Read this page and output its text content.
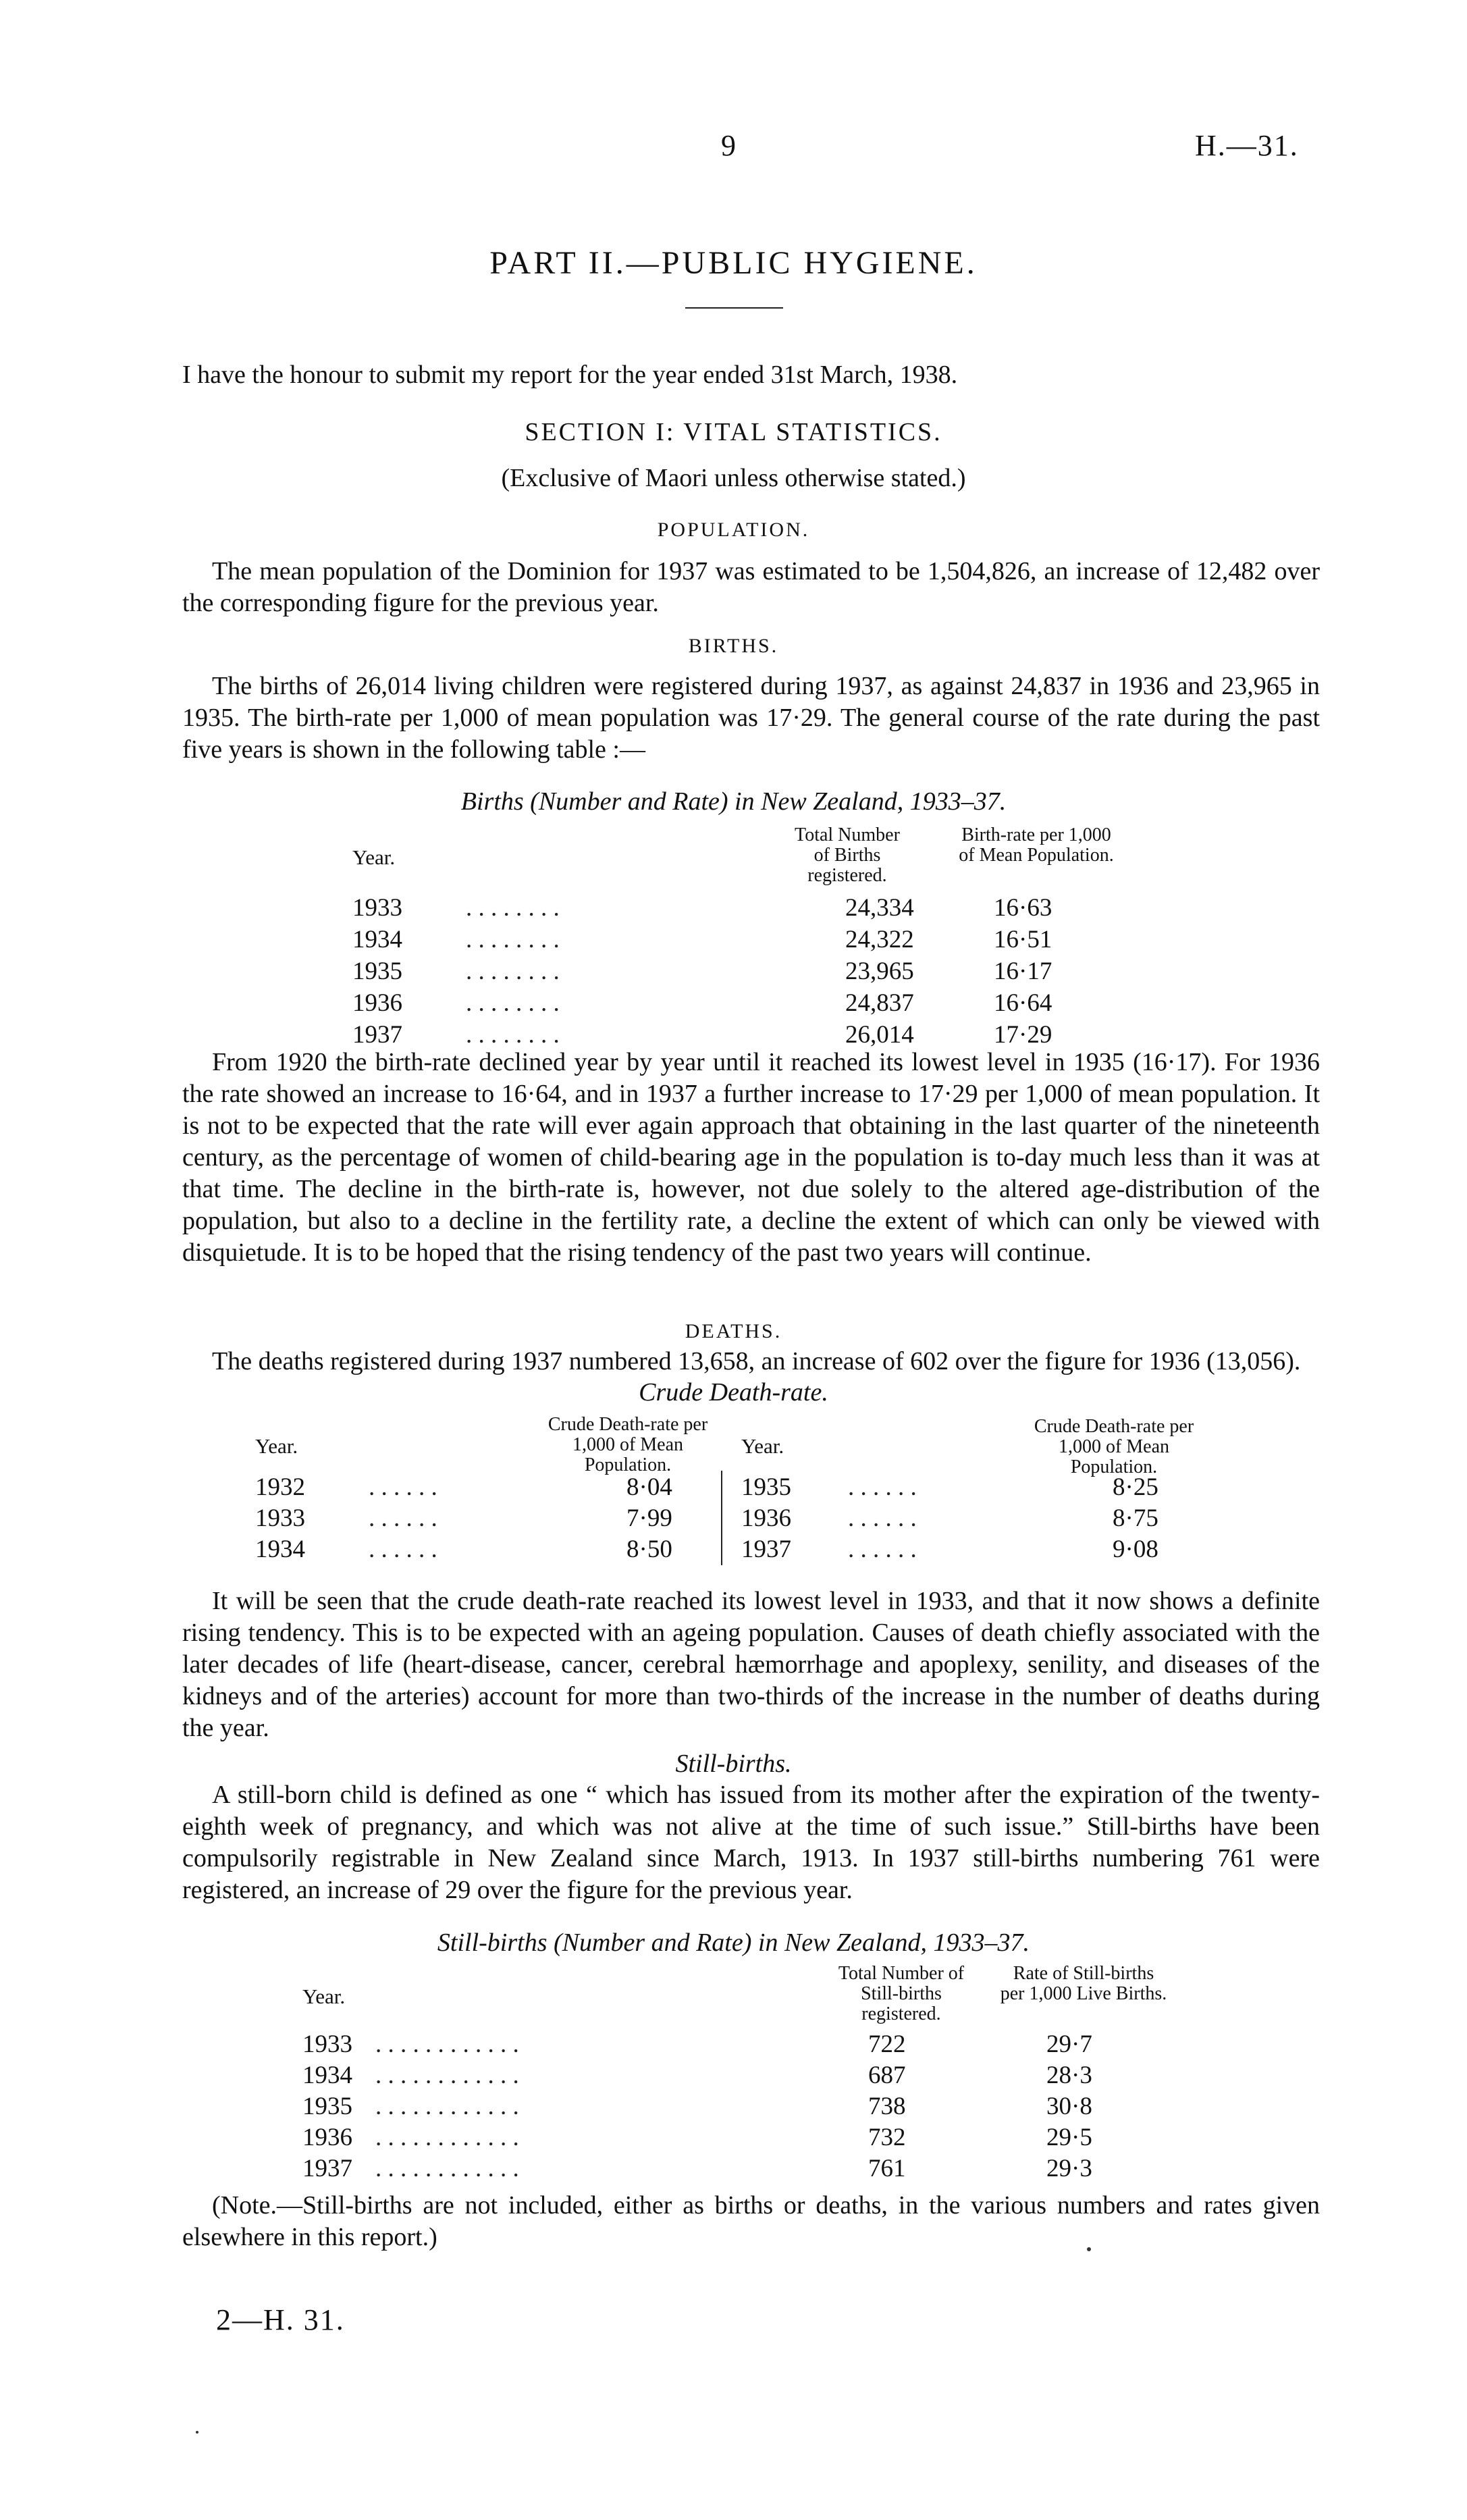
9	H.—31.
PART II.—PUBLIC HYGIENE.

I have the honour to submit my report for the year ended 31st March, 1938.

SECTION I: VITAL STATISTICS.
(Exclusive of Maori unless otherwise stated.)
POPULATION.

The mean population of the Dominion for 1937 was estimated to be 1,504,826, an increase of 12,482 over the corresponding figure for the previous year.

BIRTHS.

The births of 26,014 living children were registered during 1937, as against 24,837 in 1936 and 23,965 in 1935. The birth-rate per 1,000 of mean population was 17·29. The general course of the rate during the past five years is shown in the following table :—

Births (Number and Rate) in New Zealand, 1933–37.
Year.
Total Number of Births registered.
Birth-rate per 1,000 of Mean Population.
1933	. . . . . . . .	24,334	16·63
1934	. . . . . . . .	24,322	16·51
1935	. . . . . . . .	23,965	16·17
1936	. . . . . . . .	24,837	16·64
1937	. . . . . . . .	26,014	17·29

From 1920 the birth-rate declined year by year until it reached its lowest level in 1935 (16·17). For 1936 the rate showed an increase to 16·64, and in 1937 a further increase to 17·29 per 1,000 of mean population. It is not to be expected that the rate will ever again approach that obtaining in the last quarter of the nineteenth century, as the percentage of women of child-bearing age in the population is to-day much less than it was at that time. The decline in the birth-rate is, however, not due solely to the altered age-distribution of the population, but also to a decline in the fertility rate, a decline the extent of which can only be viewed with disquietude. It is to be hoped that the rising tendency of the past two years will continue.

DEATHS.

The deaths registered during 1937 numbered 13,658, an increase of 602 over the figure for 1936 (13,056).

Crude Death-rate.
Year.
Crude Death-rate per 1,000 of Mean Population.
Year.
Crude Death-rate per 1,000 of Mean Population.
1932	. . . . . .	8·04
1933	. . . . . .	7·99
1934	. . . . . .	8·50
1935 . . . . . .	8·25
1936 . . . . . .	8·75
1937 . . . . . .	9·08

It will be seen that the crude death-rate reached its lowest level in 1933, and that it now shows a definite rising tendency. This is to be expected with an ageing population. Causes of death chiefly associated with the later decades of life (heart-disease, cancer, cerebral hæmorrhage and apoplexy, senility, and diseases of the kidneys and of the arteries) account for more than two-thirds of the increase in the number of deaths during the year.

Still-births.

A still-born child is defined as one “ which has issued from its mother after the expiration of the twenty-eighth week of pregnancy, and which was not alive at the time of such issue.” Still-births have been compulsorily registrable in New Zealand since March, 1913. In 1937 still-births numbering 761 were registered, an increase of 29 over the figure for the previous year.

Still-births (Number and Rate) in New Zealand, 1933–37.
Year.
Total Number of Still-births registered.
Rate of Still-births per 1,000 Live Births.
1933 . . . . . . . . . . . .	722	29·7
1934 . . . . . . . . . . . .	687	28·3
1935 . . . . . . . . . . . .	738	30·8
1936 . . . . . . . . . . . .	732	29·5
1937 . . . . . . . . . . . .	761	29·3

(Note.—Still-births are not included, either as births or deaths, in the various numbers and rates given elsewhere in this report.)

2—H. 31.
